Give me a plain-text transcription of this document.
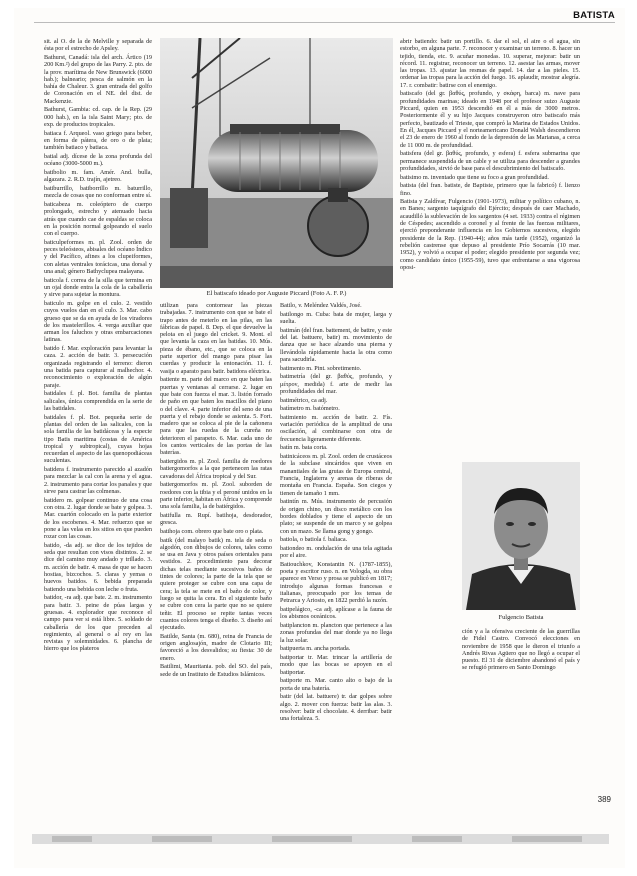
BATISTA

sit. al O. de la de Melville y separada de ésta por el estrecho de Apsley.

Bathurst, Canadá: isla del arch. Ártico (19 200 Km.²) del grupo de las Parry. 2. pto. de la prov. marítima de New Brunswick (6000 hab.); balneario; pesca de salmón en la bahía de Chaleur. 3. gran entrada del golfo de Coronación en el NE. del dist. de Mackenzie.

Bathurst, Gambia: cd. cap. de la Rep. (29 000 hab.), en la isla Saint Mary; pto. de exp. de productos tropicales.

batiaca f. Arqueol. vaso griego para beber, en forma de pátera, de oro o de plata; también batiaco y batiaca.

batial adj. dícese de la zona profunda del océano (3000-5000 m.).

batibolio m. fam. Amér. And. bulla, algazara. 2. R.D. trajín, ajetreo.

batiburrillo, batiborrillo m. baturrillo, mezcla de cosas que no conforman entre sí.

baticabeza m. coleóptero de cuerpo prolongado, estrecho y atenuado hacia atrás que cuando cae de espaldas se coloca en la posición normal golpeando el suelo con el cuerpo.

baticulpeformes m. pl. Zool. orden de peces teleósteos, abisales del océano Índico y del Pacífico, afines a los clupeiformes, con aletas ventrales torácicas, una dorsal y una anal; género Bathyclupea malayana.

baticola f. correa de la silla que termina en un ojal donde entra la cola de la caballería y sirve para sujetar la montura.

baticulo m. golpe en el culo. 2. vestido cuyos vuelos dan en el culo. 3. Mar. cabo grueso que se da en ayuda de los viradores de los mastelerillos. 4. verga auxiliar que arman los faluchos y otras embarcaciones latinas.

batido f. Mar. exploración para levantar la caza. 2. acción de batir. 3. persecución organizada registrando el terreno: dieron una batida para capturar al malhechor. 4. reconocimiento o exploración de algún paraje.

batidales f. pl. Bot. familia de plantas salicales, única comprendida en la serie de las batidales.

batidales f. pl. Bot. pequeña serie de plantas del orden de las salicales, con la sola familia de las batidáceas y la especie tipo Batis maritima (costas de América tropical y subtropical), cuyas hojas recuerdan el aspecto de las quenopodiáceas suculentas.

batidera f. instrumento parecido al azadón para mezclar la cal con la arena y el agua. 2. instrumento para cortar los panales y que sirve para castrar las colmenas.

batidero m. golpear continuo de una cosa con otra. 2. lugar donde se bate y golpea. 3. Mar. cuartón colocado en la parte exterior de los escobenes. 4. Mar. refuerzo que se pone a las velas en los sitios en que pueden rozar con las cosas.

batido, -da adj. se dice de los tejidos de seda que resultan con visos distintos. 2. se dice del camino muy andado y trillado. 3. m. acción de batir. 4. masa de que se hacen hostias, bizcochos. 5. claras y yemas o huevos batidos. 6. bebida preparada batiendo una bebida con leche o fruta.

batidor, -ra adj. que bate. 2. m. instrumento para batir. 3. peine de púas largas y gruesas. 4. explorador que reconoce el campo para ver si está libre. 5. soldado de caballería de los que preceden al regimiento, al general o al rey en las revistas y solemnidades. 6. plancha de hierro que los plateros

El batiscafo ideado por Auguste Piccard (Foto A. F. P.)

utilizan para contornear las piezas trabajadas. 7. instrumento con que se bate el trapo antes de meterlo en las pilas, en las fábricas de papel. 8. Dep. el que devuelve la pelota en el juego del cricket. 9. Mont. el que levanta la caza en las batidas. 10. Mús. pieza de ébano, etc., que se coloca en la parte superior del mango para pisar las cuerdas y producir la entonación. 11. f. vasija o aparato para batir. batidora eléctrica.

batiente m. parte del marco en que baten las puertas y ventanas al cerrarse. 2. lugar en que bate con fuerza el mar. 3. listón forrado de paño en que baten los macillos del piano o del clave. 4. parte inferior del seno de una puerta y el rebajo donde se asienta. 5. Fort. madero que se coloca al pie de la cañonera para que las ruedas de la cureña no deterioren el parapeto. 6. Mar. cada uno de los cantos verticales de las portas de las baterías.

batiergidos m. pl. Zool. familia de roedores batiergomorfos a la que pertenecen las ratas cavadoras del África tropical y del Sur.

batiergomorfos m. pl. Zool. suborden de roedores con la tibia y el peroné unidos en la parte inferior, habitan en África y comprende una sola familia, la de batiérgidos.

batifulla m. Rupí. batihoja, desdorador, gresca.

batihoja com. obrero que bate oro o plata.

batik (del malayo batik) m. tela de seda o algodón, con dibujos de colores, tales como se usa en Java y otros países orientales para vestidos. 2. procedimiento para decorar dichas telas mediante sucesivos baños de tintes de colores; la parte de la tela que se quiere proteger se cubre con una capa de cera; la tela se mete en el baño de color, y luego se quita la cera. En el siguiente baño se cubre con cera la parte que no se quiere teñir. El proceso se repite tantas veces cuantos colores tenga el diseño. 3. diseño así ejecutado.

Batilde, Santa (m. 680), reina de Francia de origen anglosajón, madre de Clotario III; favoreció a los desvalidos; su fiesta: 30 de enero.

Batilimi, Mauritania. pob. del SO. del país, sede de un Instituto de Estudios Islámicos.

Batilo, v. Meléndez Valdés, José.

batilongo m. Cuba: bata de mujer, larga y suelta.

batimán (del fran. battement, de battre, y este del lat. battuere, batir) m. movimiento de danza que se hace alzando una pierna y llevándola rápidamente hacia la otra como para sacudirla.

batimento m. Pint. sobretimento.

batimetría (del gr. βαθύς, profundo, y μέτρον, medida) f. arte de medir las profundidades del mar.

batimétrico, ca adj.

batímetro m. batómetro.

batimiento m. acción de batir. 2. Fís. variación periódica de la amplitud de una oscilación, al combinarse con otra de frecuencia ligeramente diferente.

batín m. bata corta.

batinicáceos m. pl. Zool. orden de crustáceos de la subclase sincáridos que viven en manantiales de las grutas de Europa central, Francia, Inglaterra y arenas de riberas de montaña en Francia. España. Son ciegos y tienen de tamaño 1 mm.

batintín m. Mús. instrumento de percusión de origen chino, un disco metálico con los bordes doblados y tiene el aspecto de un plato; se suspende de un marco y se golpea con un mazo. Se llama gong y gongo.

batiola, o batiola f. baliaca.

bationdeo m. ondulación de una tela agitada por el aire.

Batiouchkov, Konstantin N. (1787-1855), poeta y escritor ruso. n. en Vologda, su obra aparece en Verso y prosa se publicó en 1817; introdujo algunas formas francesas e italianas, preocupado por los temas de Petrarca y Ariosto, en 1822 perdió la razón.

batipelágico, -ca adj. aplícase a la fauna de los abismos oceánicos.

batiplancton m. plancton que pertenece a las zonas profundas del mar donde ya no llega la luz solar.

batipuerta m. ancha portada.

batiportar tr. Mar. trincar la artillería de modo que las bocas se apoyen en el batiportar.

batiporte m. Mar. canto alto o bajo de la porta de una batería.

batir (del lat. battuere) tr. dar golpes sobre algo. 2. mover con fuerza: batir las alas. 3. resolver: batir el chocolate. 4. derribar: batir una fortaleza. 5.

abrir batiendo: batir un portillo. 6. dar el sol, el aire o el agua, sin estorbo, en alguna parte. 7. reconocer y examinar un terreno. 8. hacer un tejido, tienda, etc. 9. acuñar monedas. 10. superar, mejorar: batir un récord. 11. registrar, reconocer un terreno. 12. asestar las armas, mover las tropas. 13. ajustar las resmas de papel. 14. dar a las pieles. 15. ordenar las tropas para la acción del fuego. 16. aplaudir, mostrar alegría. 17. r. combatir: batirse con el enemigo.

batiscafo (del gr. βαθύς, profundo, y σκάφη, barca) m. nave para profundidades marinas; ideado en 1948 por el profesor suizo Auguste Piccard, quien en 1953 descendió en él a más de 3000 metros. Posteriormente él y su hijo Jacques construyeron otro batiscafo más perfecto, bautizado el Trieste, que compró la Marina de Estados Unidos. En él, Jacques Piccard y el norteamericano Donald Walsh descendieron el 23 de enero de 1960 al fondo de la depresión de las Marianas, a cerca de 11 000 m. de profundidad.

batisfera (del gr. βαθύς, profundo, y esfera) f. esfera submarina que permanece suspendida de un cable y se utiliza para descender a grandes profundidades, sirvió de base para el descubrimiento del batiscafo.

batisimo m. inventado que tiene su foco a gran profundidad.

batista (del fran. batiste, de Baptiste, primero que la fabricó) f. lienzo fino.

Batista y Zaldívar, Fulgencio (1901-1973), militar y político cubano, n. en Banes; sargento taquígrafo del Ejército; después de caer Machado, acaudilló la sublevación de los sargentos (4 set. 1933) contra el régimen de Céspedes; ascendido a coronel y al frente de las fuerzas militares, ejerció preponderante influencia en los Gobiernos sucesivos, elegido presidente de la Rep. (1940-44); años más tarde (1952), organizó la rebelión castrense que depuso al presidente Prío Socarrás (10 mar. 1952), y volvió a ocupar el poder; elegido presidente por segunda vez; como candidato único (1955-59), tuvo que enfrentarse a una vigorosa oposi-

Fulgencio Batista

ción y a la ofensiva creciente de las guerrillas de Fidel Castro. Convocó elecciones en noviembre de 1958 que le dieron el triunfo a Andrés Rivas Agüero que no llegó a ocupar el puesto. El 31 de diciembre abandonó el país y se refugió primero en Santo Domingo

389
